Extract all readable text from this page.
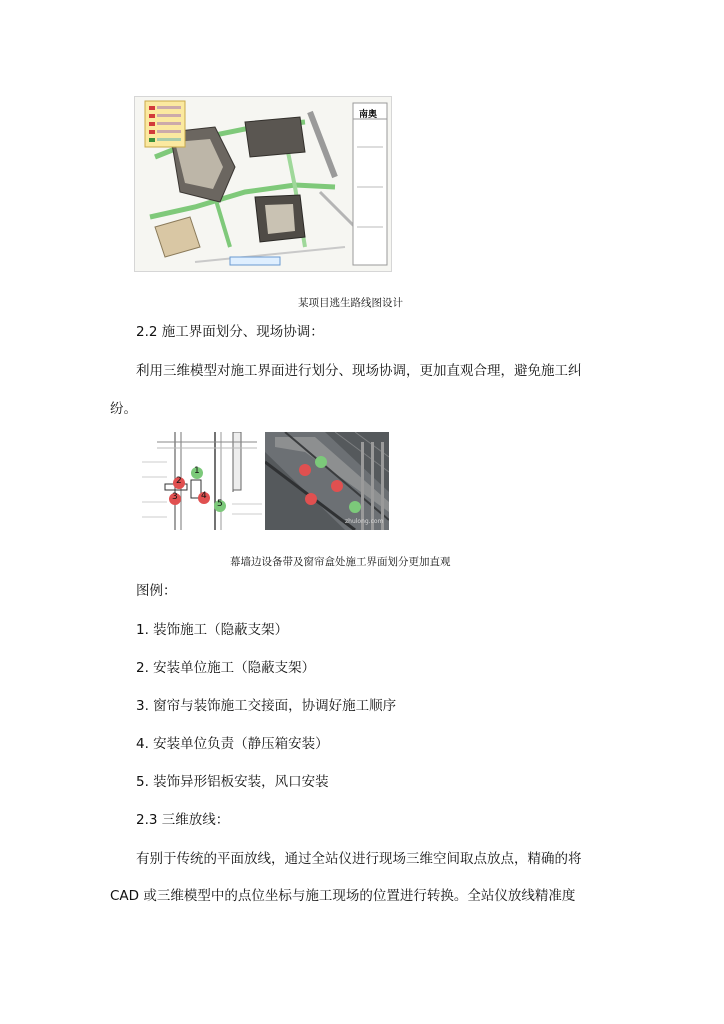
南奥
某项目逃生路线图设计
2.2 施工界面划分、现场协调：
利用三维模型对施工界面进行划分、现场协调，更加直观合理，避免施工纠
纷。
1
2
3	4
5
zhulong.com
幕墙边设备带及窗帘盒处施工界面划分更加直观
图例：
1. 装饰施工（隐蔽支架）
2. 安装单位施工（隐蔽支架）
3. 窗帘与装饰施工交接面，协调好施工顺序
4. 安装单位负责（静压箱安装）
5. 装饰异形铝板安装，风口安装
2.3 三维放线：
有别于传统的平面放线，通过全站仪进行现场三维空间取点放点，精确的将
CAD 或三维模型中的点位坐标与施工现场的位置进行转换。全站仪放线精准度
